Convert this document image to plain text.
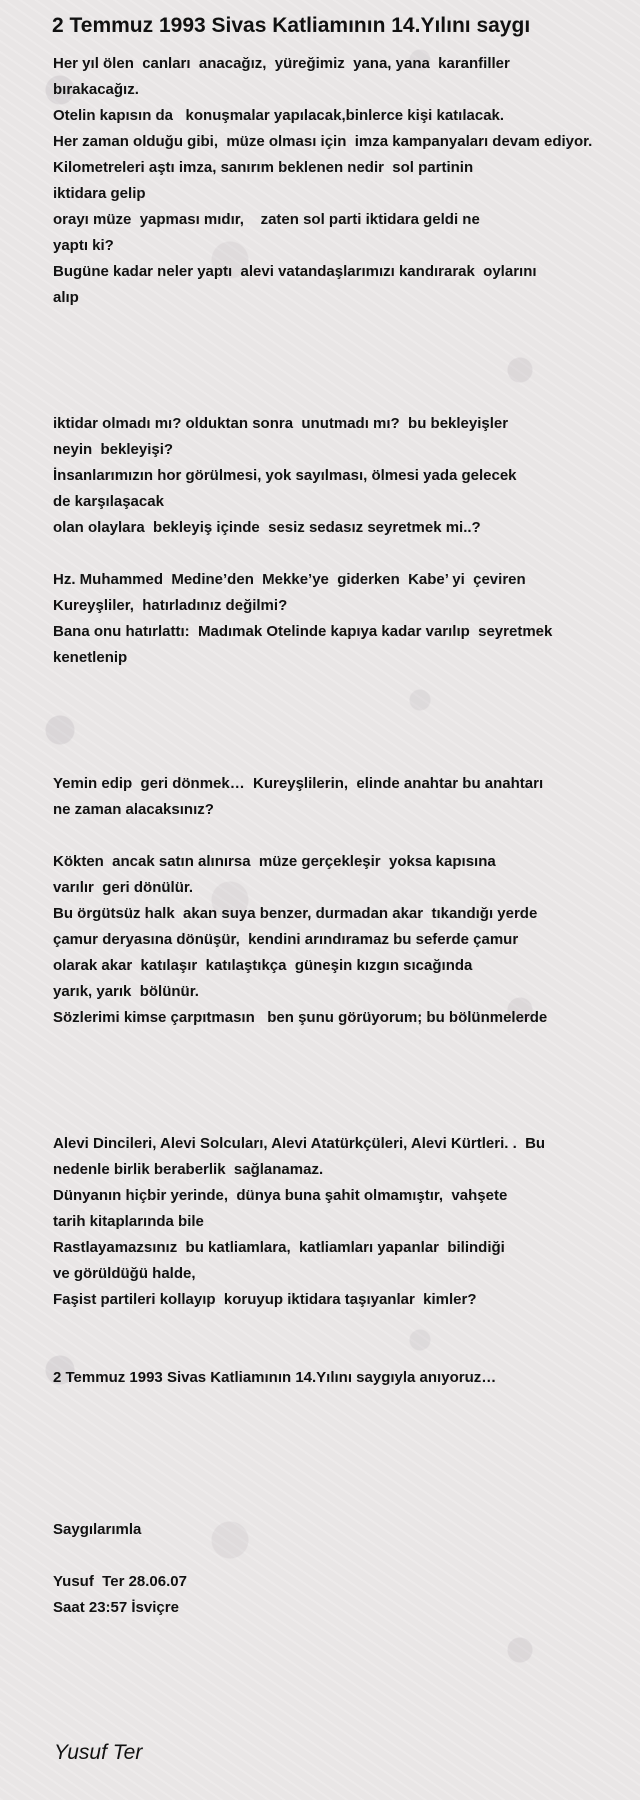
2 Temmuz 1993 Sivas Katliamının 14.Yılını saygı
Her yıl ölen  canları  anacağız,  yüreğimiz  yana, yana  karanfiller
bırakacağız.
Otelin kapısın da   konuşmalar yapılacak,binlerce kişi katılacak.
Her zaman olduğu gibi,  müze olması için  imza kampanyaları devam ediyor.
Kilometreleri aştı imza, sanırım beklenen nedir  sol partinin
iktidara gelip
orayı müze  yapması mıdır,    zaten sol parti iktidara geldi ne
yaptı ki?
Bugüne kadar neler yaptı  alevi vatandaşlarımızı kandırarak  oylarını
alıp
iktidar olmadı mı? olduktan sonra  unutmadı mı?  bu bekleyişler
neyin  bekleyişi?
İnsanlarımızın hor görülmesi, yok sayılması, ölmesi yada gelecek
de karşılaşacak
olan olaylara  bekleyiş içinde  sesiz sedasız seyretmek mi..?
Hz. Muhammed  Medine’den  Mekke’ye  giderken  Kabe’ yi  çeviren
Kureyşliler,  hatırladınız değilmi?
Bana onu hatırlattı:  Madımak Otelinde kapıya kadar varılıp  seyretmek
kenetlenip
Yemin edip  geri dönmek…  Kureyşlilerin,  elinde anahtar bu anahtarı
ne zaman alacaksınız?
Kökten  ancak satın alınırsa  müze gerçekleşir  yoksa kapısına
varılır  geri dönülür.
Bu örgütsüz halk  akan suya benzer, durmadan akar  tıkandığı yerde
çamur deryasına dönüşür,  kendini arındıramaz bu seferde çamur
olarak akar  katılaşır  katılaştıkça  güneşin kızgın sıcağında
yarık, yarık  bölünür.
Sözlerimi kimse çarpıtmasın   ben şunu görüyorum; bu bölünmelerde
Alevi Dincileri, Alevi Solcuları, Alevi Atatürkçüleri, Alevi Kürtleri. .  Bu
nedenle birlik beraberlik  sağlanamaz.
Dünyanın hiçbir yerinde,  dünya buna şahit olmamıştır,  vahşete
tarih kitaplarında bile
Rastlayamazsınız  bu katliamlara,  katliamları yapanlar  bilindiği
ve görüldüğü halde,
Faşist partileri kollayıp  koruyup iktidara taşıyanlar  kimler?
2 Temmuz 1993 Sivas Katliamının 14.Yılını saygıyla anıyoruz…
Saygılarımla
Yusuf  Ter 28.06.07
Saat 23:57 İsviçre
Yusuf Ter
